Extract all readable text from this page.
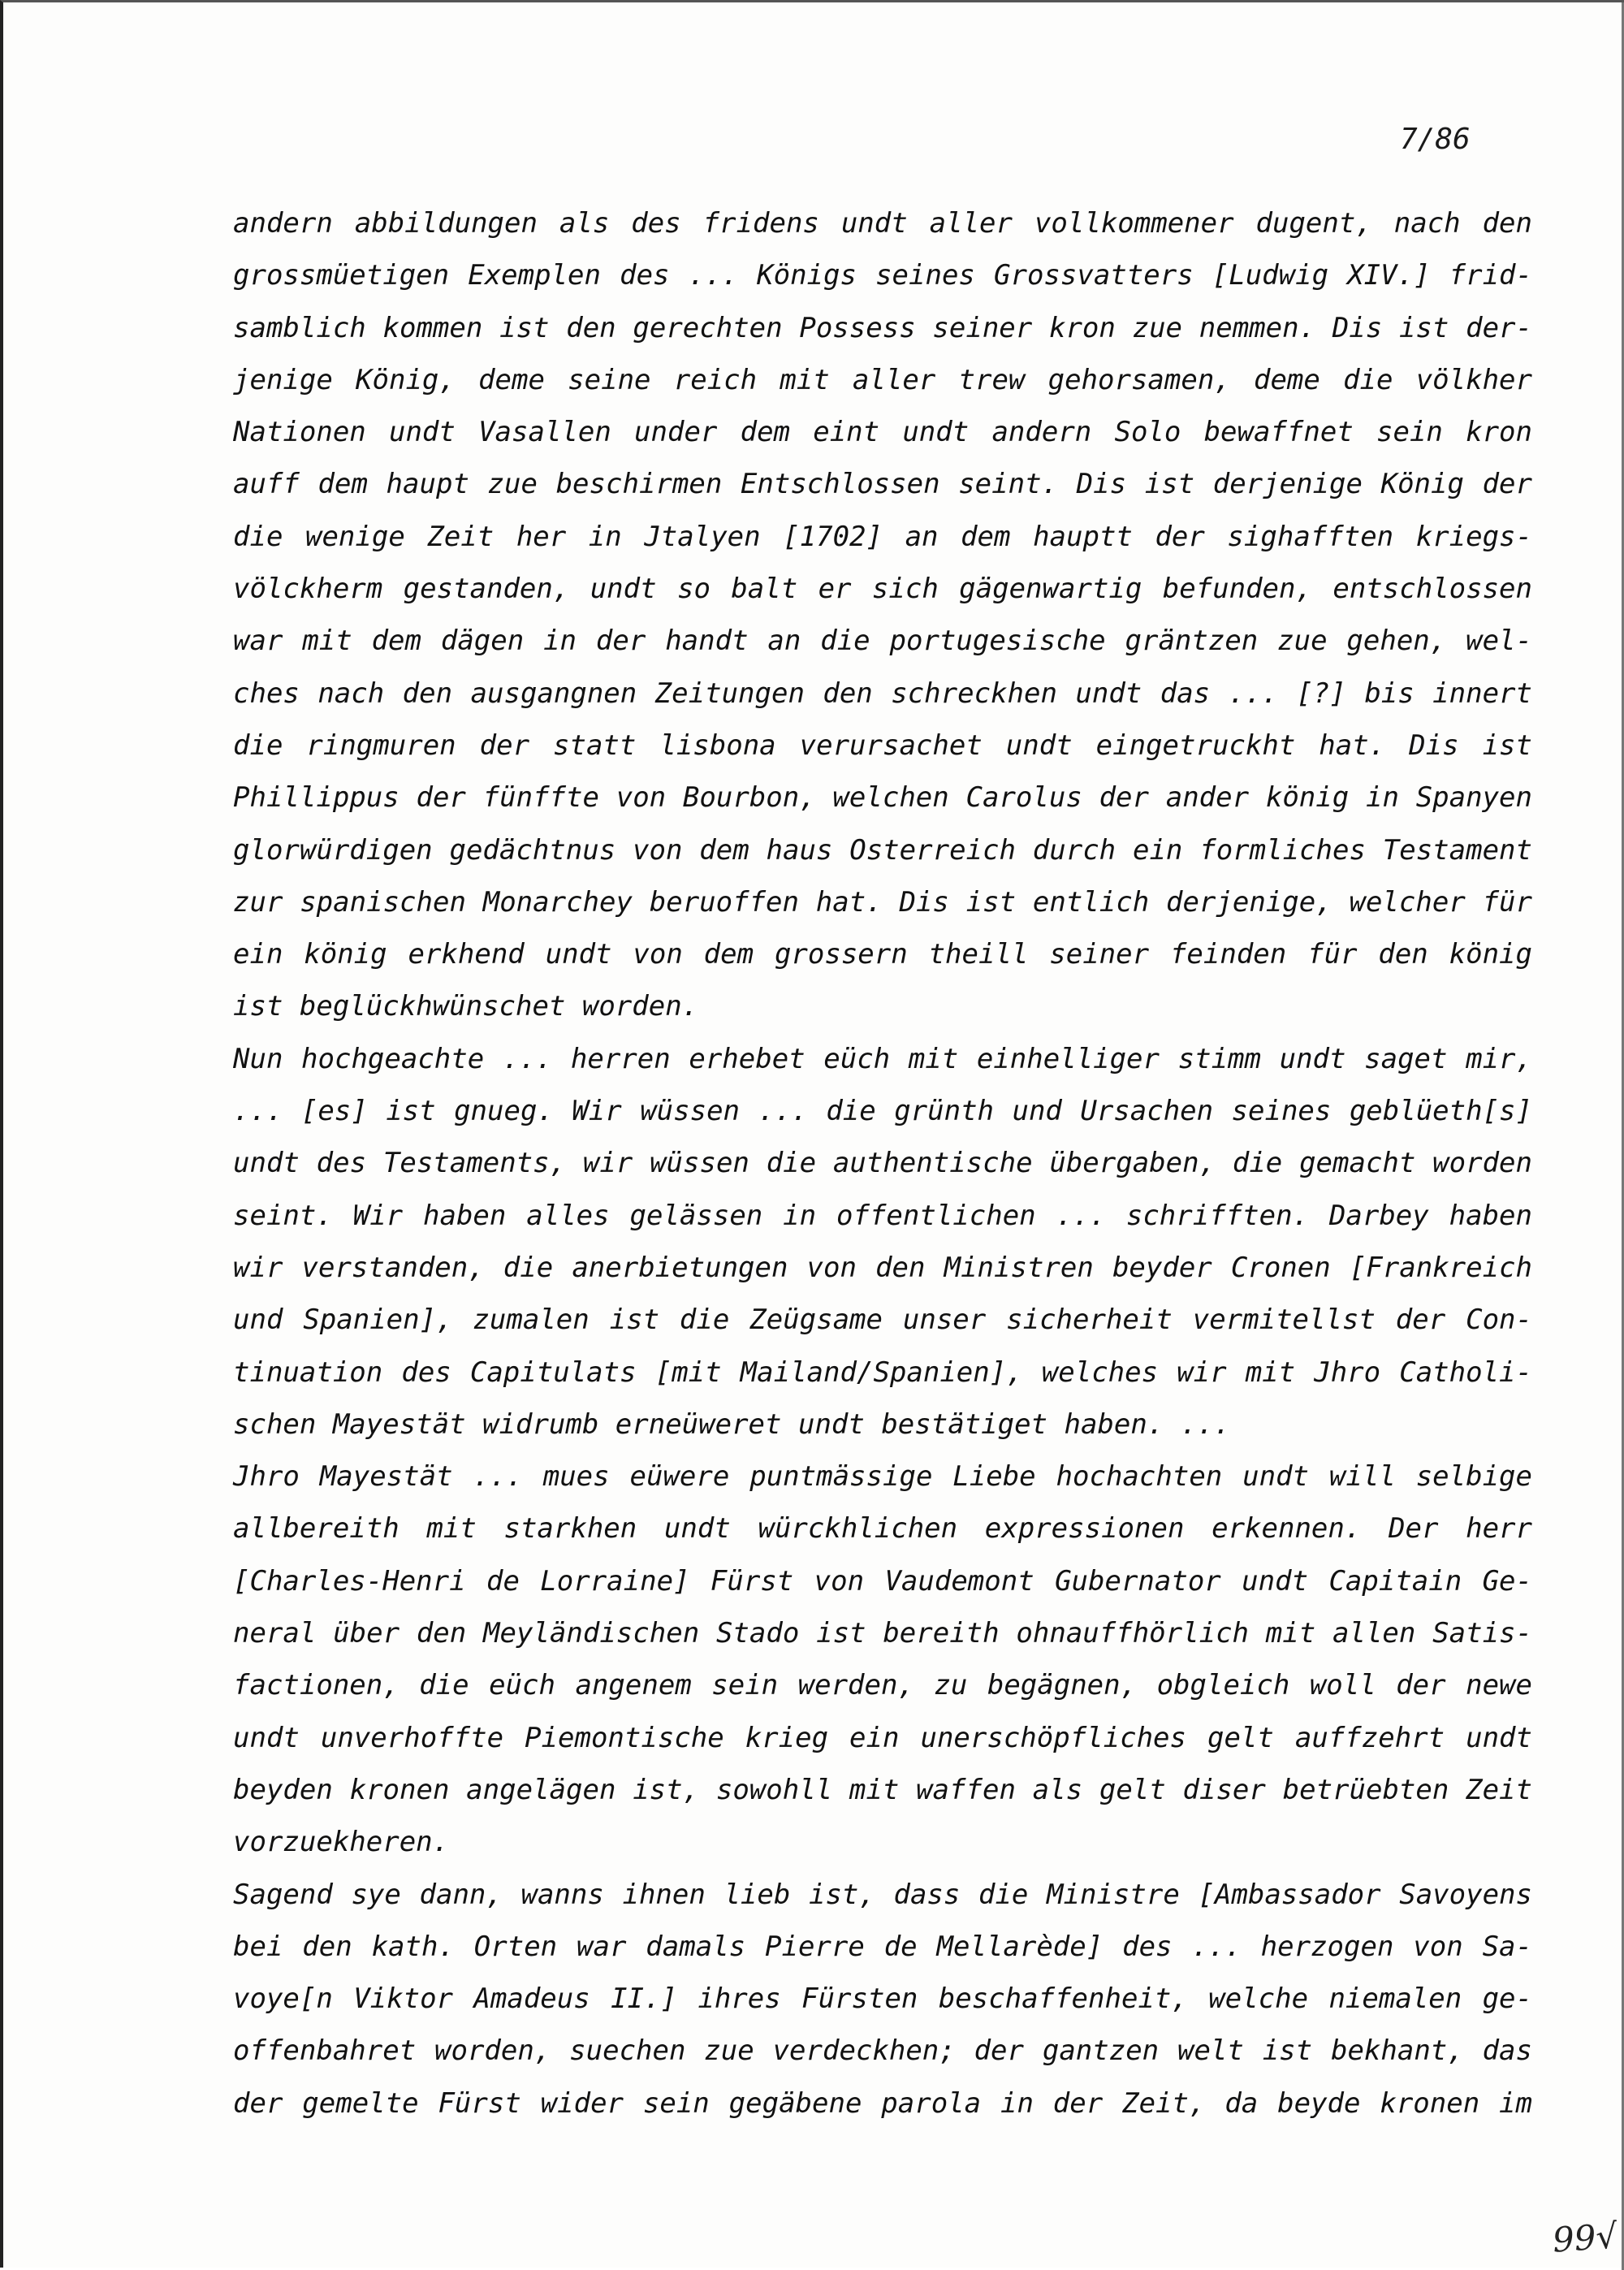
7/86
andern abbildungen als des fridens undt aller vollkommener dugent, nach den
grossmüetigen Exemplen des ... Königs seines Grossvatters [Ludwig XIV.] frid-
samblich kommen ist den gerechten Possess seiner kron zue nemmen. Dis ist der-
jenige König, deme seine reich mit aller trew gehorsamen, deme die völkher
Nationen undt Vasallen under dem eint undt andern Solo bewaffnet sein kron
auff dem haupt zue beschirmen Entschlossen seint. Dis ist derjenige König der
die wenige Zeit her in Jtalyen [1702] an dem hauptt der sighafften kriegs-
völckherm gestanden, undt so balt er sich gägenwartig befunden, entschlossen
war mit dem dägen in der handt an die portugesische gräntzen zue gehen, wel-
ches nach den ausgangnen Zeitungen den schreckhen undt das ... [?] bis innert
die ringmuren der statt lisbona verursachet undt eingetruckht hat. Dis ist
Phillippus der fünffte von Bourbon, welchen Carolus der ander könig in Spanyen
glorwürdigen gedächtnus von dem haus Osterreich durch ein formliches Testament
zur spanischen Monarchey beruoffen hat. Dis ist entlich derjenige, welcher für
ein könig erkhend undt von dem grossern theill seiner feinden für den könig
ist beglückhwünschet worden.
Nun hochgeachte ... herren erhebet eüch mit einhelliger stimm undt saget mir,
... [es] ist gnueg. Wir wüssen ... die grünth und Ursachen seines geblüeth[s]
undt des Testaments, wir wüssen die authentische übergaben, die gemacht worden
seint. Wir haben alles gelässen in offentlichen ... schrifften. Darbey haben
wir verstanden, die anerbietungen von den Ministren beyder Cronen [Frankreich
und Spanien], zumalen ist die Zeügsame unser sicherheit vermitellst der Con-
tinuation des Capitulats [mit Mailand/Spanien], welches wir mit Jhro Catholi-
schen Mayestät widrumb erneüweret undt bestätiget haben. ...
Jhro Mayestät ... mues eüwere puntmässige Liebe hochachten undt will selbige
allbereith mit starkhen undt würckhlichen expressionen erkennen. Der herr
[Charles-Henri de Lorraine] Fürst von Vaudemont Gubernator undt Capitain Ge-
neral über den Meyländischen Stado ist bereith ohnauffhörlich mit allen Satis-
factionen, die eüch angenem sein werden, zu begägnen, obgleich woll der newe
undt unverhoffte Piemontische krieg ein unerschöpfliches gelt auffzehrt undt
beyden kronen angelägen ist, sowohll mit waffen als gelt diser betrüebten Zeit
vorzuekheren.
Sagend sye dann, wanns ihnen lieb ist, dass die Ministre [Ambassador Savoyens
bei den kath. Orten war damals Pierre de Mellarède] des ... herzogen von Sa-
voye[n Viktor Amadeus II.] ihres Fürsten beschaffenheit, welche niemalen ge-
offenbahret worden, suechen zue verdeckhen; der gantzen welt ist bekhant, das
der gemelte Fürst wider sein gegäbene parola in der Zeit, da beyde kronen im
99√
